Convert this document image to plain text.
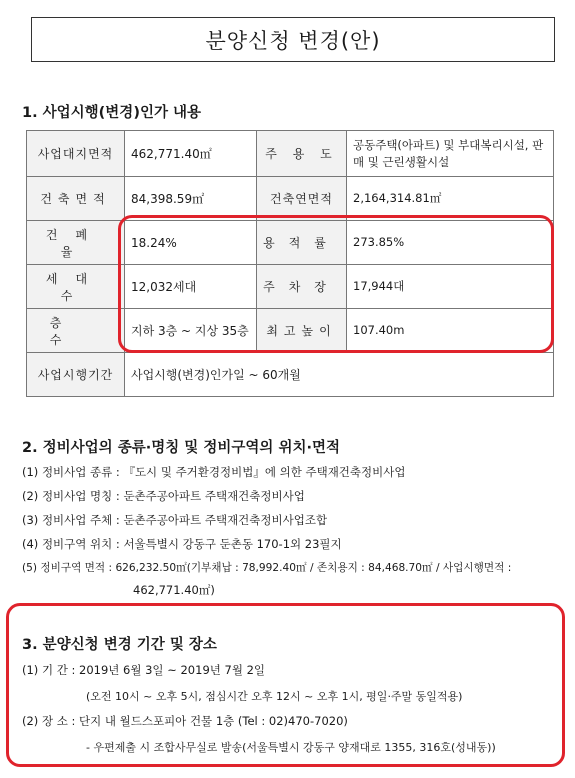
분양신청 변경(안)
1. 사업시행(변경)인가 내용
사업대지면적	462,771.40㎡	주 용 도	공동주택(아파트) 및 부대복리시설, 판매 및 근린생활시설
건축면적	84,398.59㎡	건축연면적	2,164,314.81㎡
건폐율	18.24%	용적률	273.85%
세대수	12,032세대	주차장	17,944대
층수	지하 3층 ~ 지상 35층	최고높이	107.40m
사업시행기간	사업시행(변경)인가일 ~ 60개월		
2. 정비사업의 종류·명칭 및 정비구역의 위치·면적
(1) 정비사업 종류 : 『도시 및 주거환경정비법』에 의한 주택재건축정비사업
(2) 정비사업 명칭 : 둔촌주공아파트 주택재건축정비사업
(3) 정비사업 주체 : 둔촌주공아파트 주택재건축정비사업조합
(4) 정비구역 위치 : 서울특별시 강동구 둔촌동 170-1외 23필지
(5) 정비구역 면적 : 626,232.50㎡(기부채납 : 78,992.40㎡ / 존치용지 : 84,468.70㎡ / 사업시행면적 :
462,771.40㎡)
3. 분양신청 변경 기간 및 장소
(1) 기 간 : 2019년 6월 3일 ~ 2019년 7월 2일
(오전 10시 ~ 오후 5시, 점심시간 오후 12시 ~ 오후 1시, 평일·주말 동일적용)
(2) 장 소 : 단지 내 월드스포피아 건물 1층 (Tel : 02)470-7020)
- 우편제출 시 조합사무실로 발송(서울특별시 강동구 양재대로 1355, 316호(성내동))
